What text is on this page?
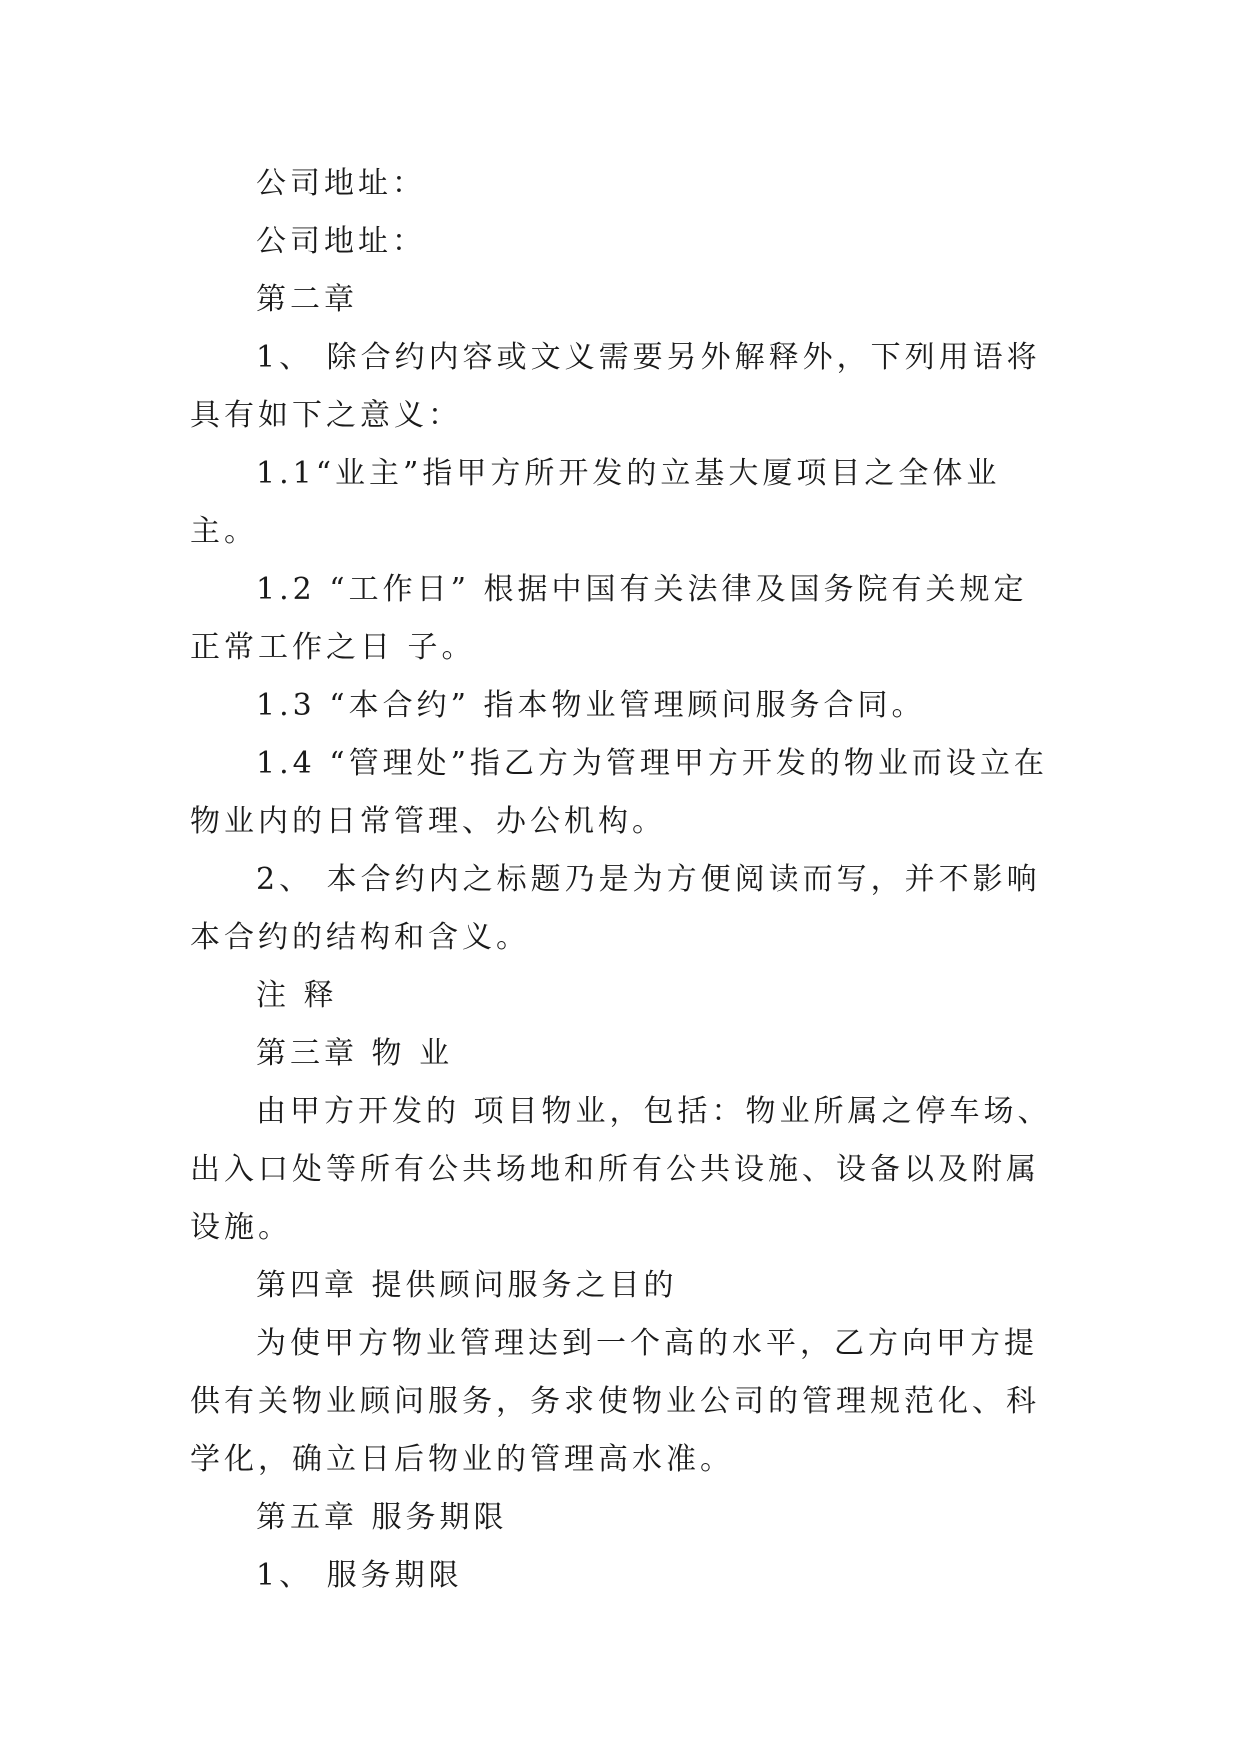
公司地址：

公司地址：

第二章

1、 除合约内容或文义需要另外解释外，下列用语将具有如下之意义：

1.1“业主”指甲方所开发的立基大厦项目之全体业主。

1.2 “工作日” 根据中国有关法律及国务院有关规定正常工作之日 子。

1.3 “本合约” 指本物业管理顾问服务合同。

1.4 “管理处”指乙方为管理甲方开发的物业而设立在物业内的日常管理、办公机构。

2、 本合约内之标题乃是为方便阅读而写，并不影响本合约的结构和含义。

注 释

第三章 物 业

由甲方开发的 项目物业，包括：物业所属之停车场、出入口处等所有公共场地和所有公共设施、设备以及附属设施。

第四章 提供顾问服务之目的

为使甲方物业管理达到一个高的水平，乙方向甲方提供有关物业顾问服务，务求使物业公司的管理规范化、科学化，确立日后物业的管理高水准。

第五章 服务期限

1、 服务期限
